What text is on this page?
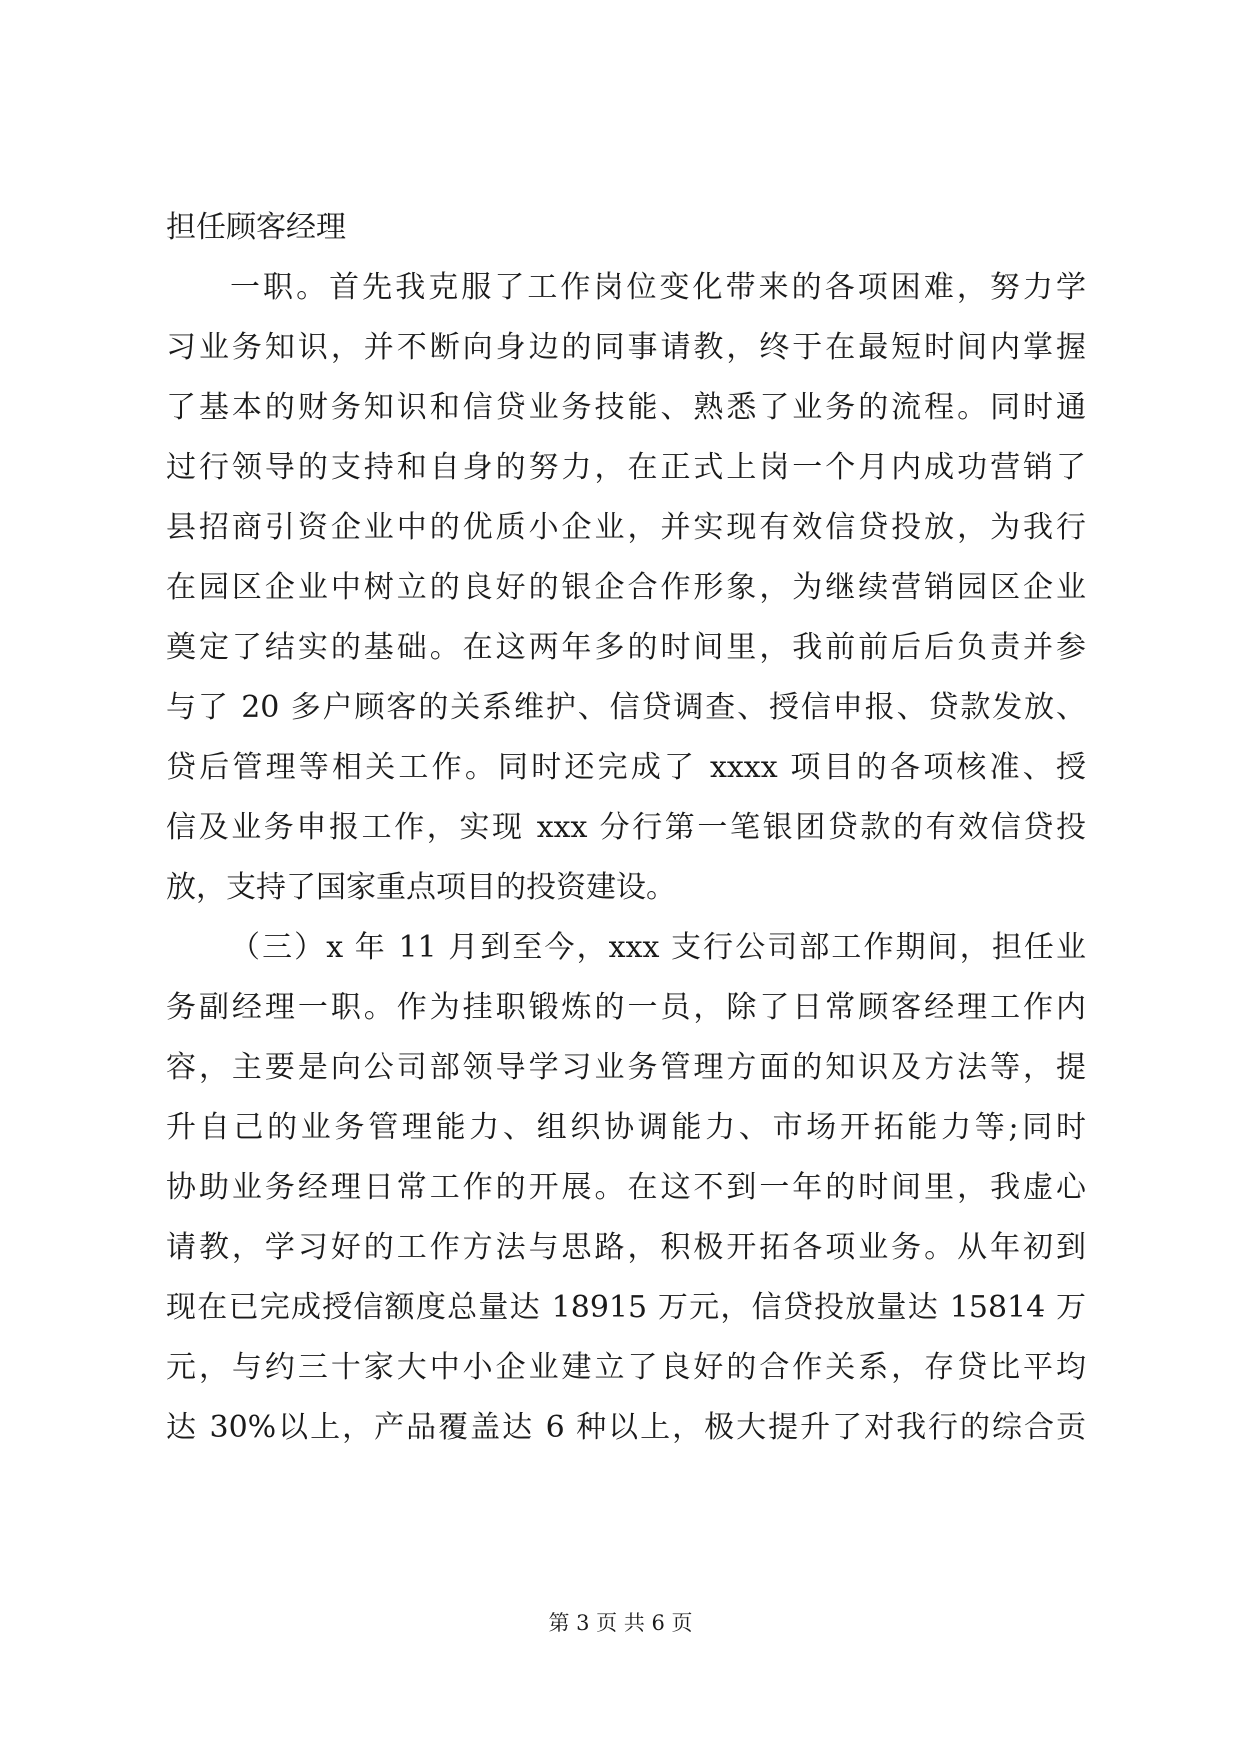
担任顾客经理
一职。首先我克服了工作岗位变化带来的各项困难，努力学
习业务知识，并不断向身边的同事请教，终于在最短时间内掌握
了基本的财务知识和信贷业务技能、熟悉了业务的流程。同时通
过行领导的支持和自身的努力，在正式上岗一个月内成功营销了
县招商引资企业中的优质小企业，并实现有效信贷投放，为我行
在园区企业中树立的良好的银企合作形象，为继续营销园区企业
奠定了结实的基础。在这两年多的时间里，我前前后后负责并参
与了 20 多户顾客的关系维护、信贷调查、授信申报、贷款发放、
贷后管理等相关工作。同时还完成了 xxxx 项目的各项核准、授
信及业务申报工作，实现 xxx 分行第一笔银团贷款的有效信贷投
放，支持了国家重点项目的投资建设。
（三）x 年 11 月到至今，xxx 支行公司部工作期间，担任业
务副经理一职。作为挂职锻炼的一员，除了日常顾客经理工作内
容，主要是向公司部领导学习业务管理方面的知识及方法等，提
升自己的业务管理能力、组织协调能力、市场开拓能力等;同时
协助业务经理日常工作的开展。在这不到一年的时间里，我虚心
请教，学习好的工作方法与思路，积极开拓各项业务。从年初到
现在已完成授信额度总量达 18915 万元，信贷投放量达 15814 万
元，与约三十家大中小企业建立了良好的合作关系，存贷比平均
达 30%以上，产品覆盖达 6 种以上，极大提升了对我行的综合贡
第 3 页 共 6 页
